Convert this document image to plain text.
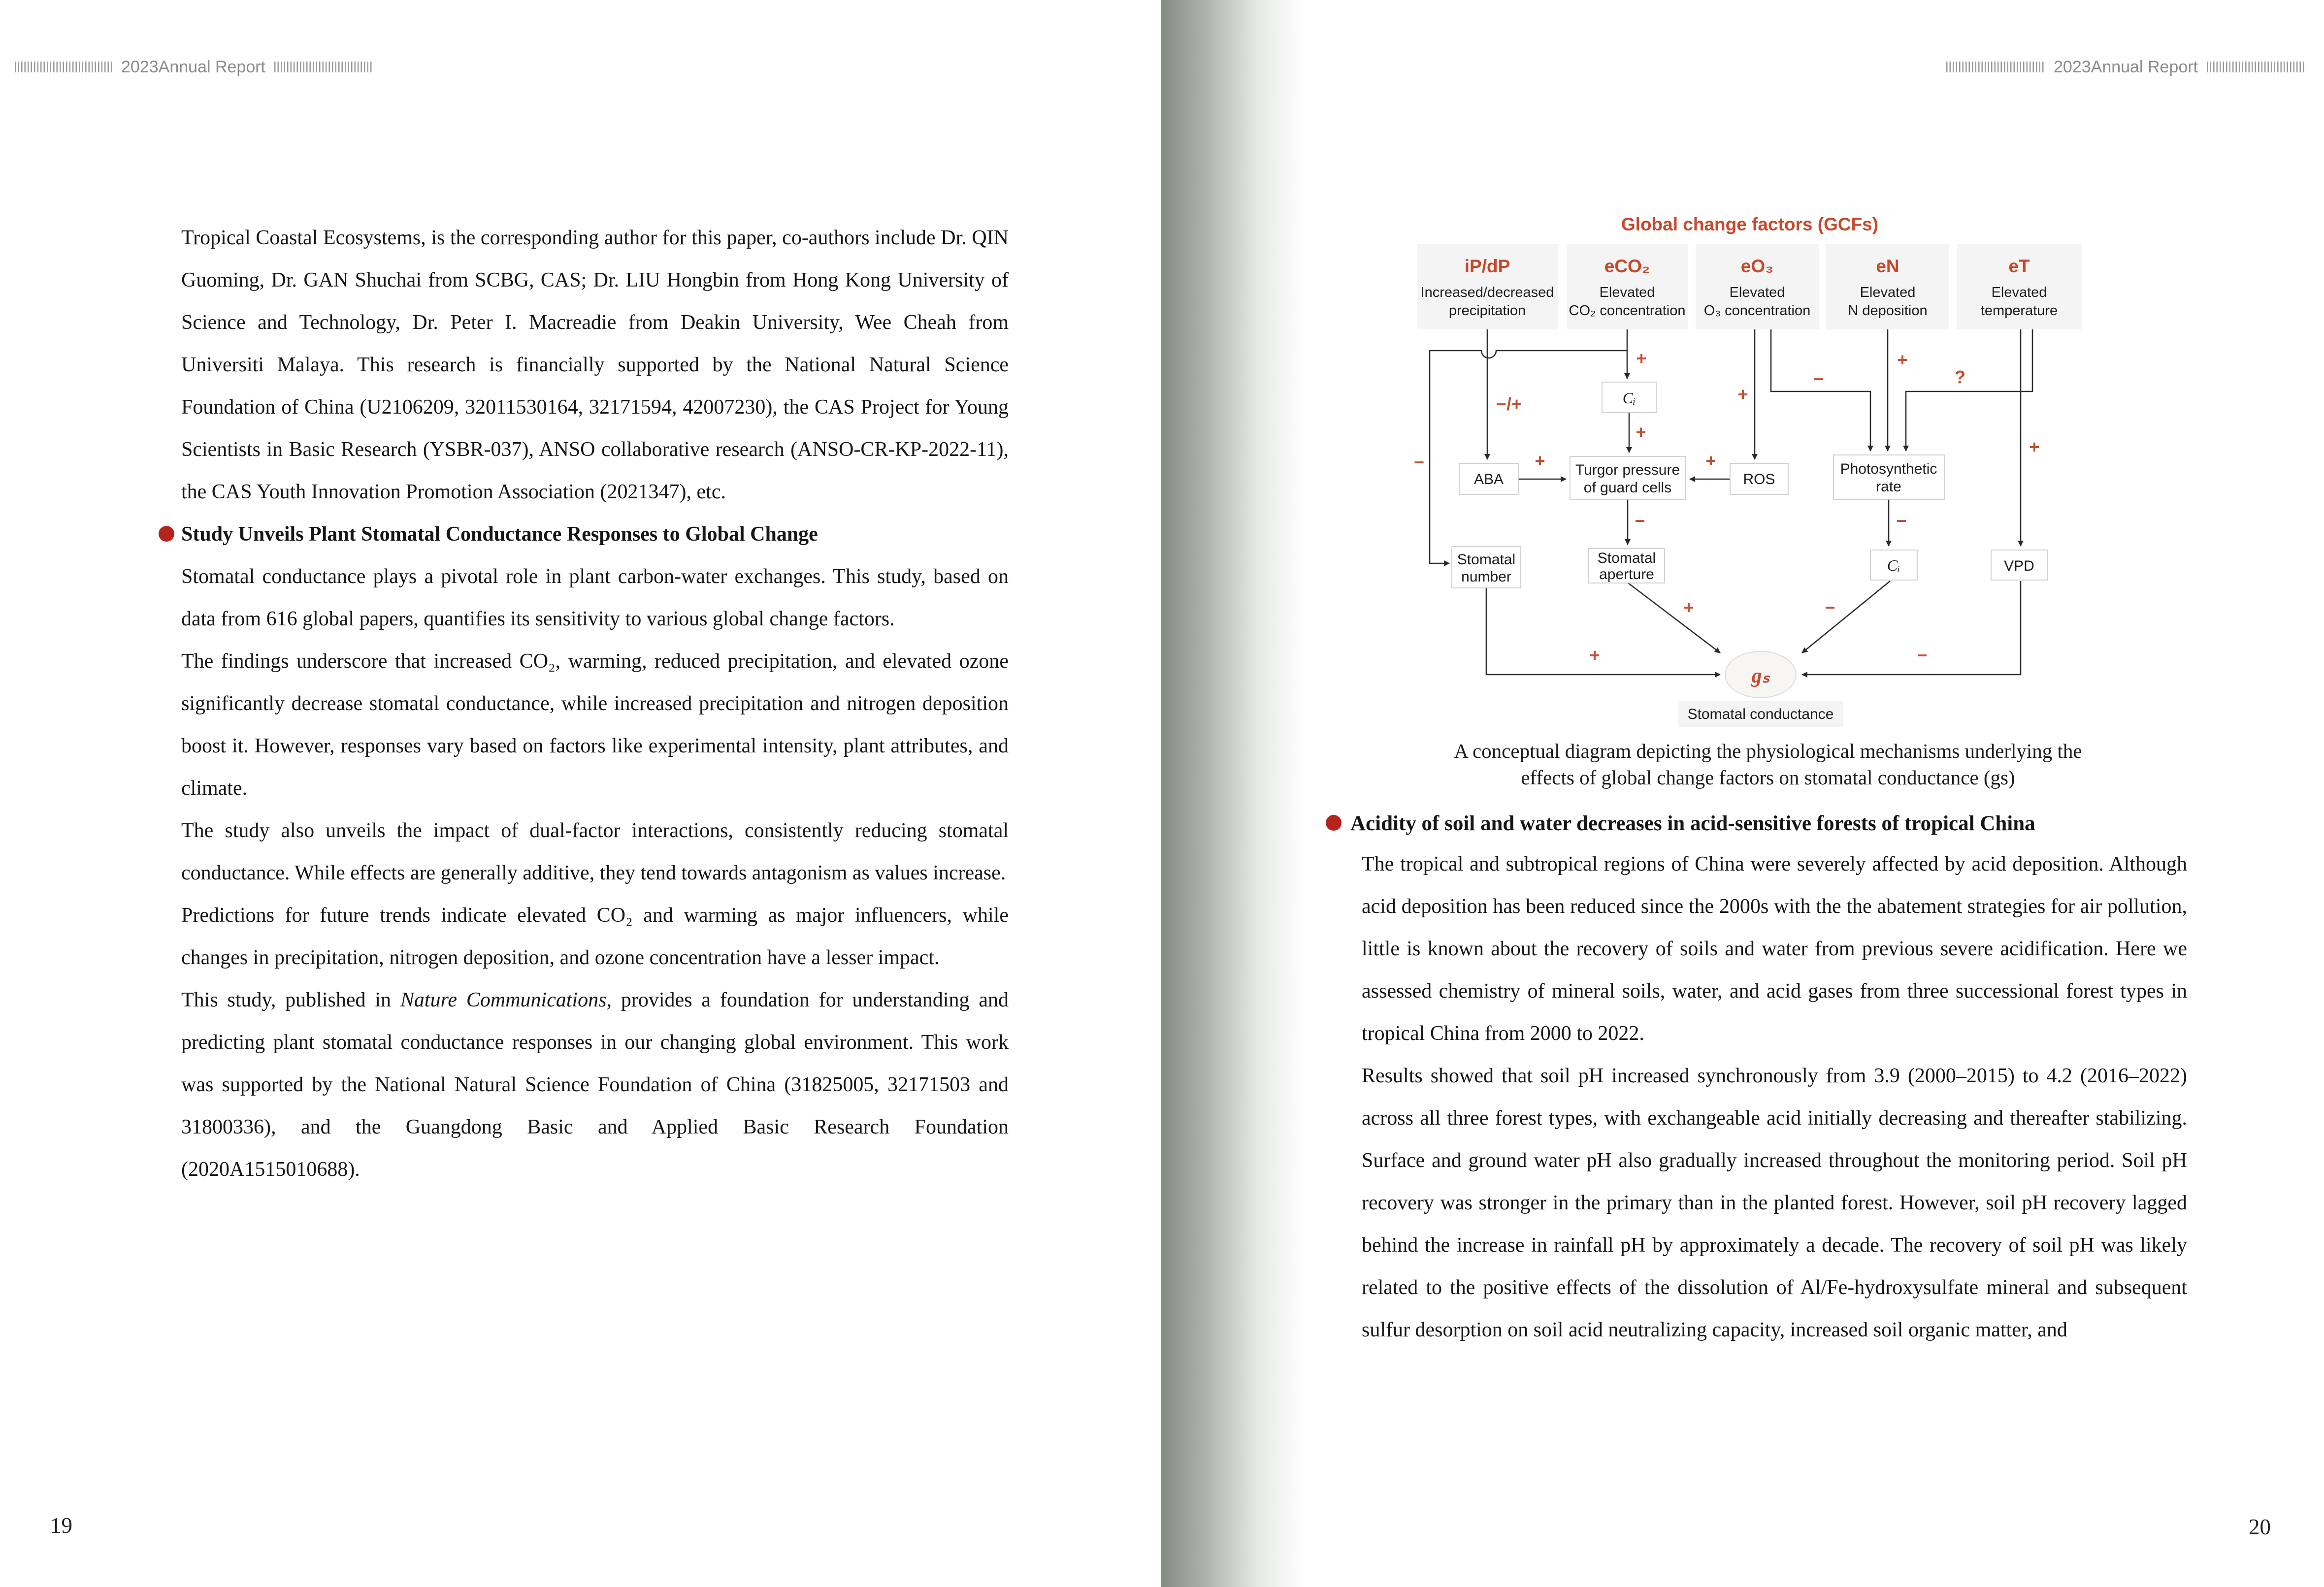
2023Annual Report	2023Annual Report

Tropical Coastal Ecosystems, is the corresponding author for this paper, co-authors include Dr. QIN Guoming, Dr. GAN Shuchai from SCBG, CAS; Dr. LIU Hongbin from Hong Kong University of Science and Technology, Dr. Peter I. Macreadie from Deakin University, Wee Cheah from Universiti Malaya. This research is financially supported by the National Natural Science Foundation of China (U2106209, 32011530164, 32171594, 42007230), the CAS Project for Young Scientists in Basic Research (YSBR-037), ANSO collaborative research (ANSO-CR-KP-2022-11), the CAS Youth Innovation Promotion Association (2021347), etc.

Study Unveils Plant Stomatal Conductance Responses to Global Change

Stomatal conductance plays a pivotal role in plant carbon-water exchanges. This study, based on data from 616 global papers, quantifies its sensitivity to various global change factors.

The findings underscore that increased CO₂, warming, reduced precipitation, and elevated ozone significantly decrease stomatal conductance, while increased precipitation and nitrogen deposition boost it. However, responses vary based on factors like experimental intensity, plant attributes, and climate.

The study also unveils the impact of dual-factor interactions, consistently reducing stomatal conductance. While effects are generally additive, they tend towards antagonism as values increase.

Predictions for future trends indicate elevated CO₂ and warming as major influencers, while changes in precipitation, nitrogen deposition, and ozone concentration have a lesser impact.

This study, published in Nature Communications, provides a foundation for understanding and predicting plant stomatal conductance responses in our changing global environment. This work was supported by the National Natural Science Foundation of China (31825005, 32171503 and 31800336), and the Guangdong Basic and Applied Basic Research Foundation (2020A1515010688).

Global change factors (GCFs)
iP/dP
Increased/decreased
precipitation
eCO₂
Elevated
CO₂ concentration
eO₃
Elevated
O₃ concentration
eN
Elevated
N deposition
eT
Elevated
temperature
+
−/+
−
+
+
−
+
?
+
+	+
−	−
+	−
+	−
Cᵢ
ABA
Turgor pressure
of guard cells
ROS
Photosynthetic
rate
Stomatal
number
Stomatal
aperture
Cᵢ	VPD
gₛ
Stomatal conductance
A conceptual diagram depicting the physiological mechanisms underlying the
effects of global change factors on stomatal conductance (gs)
Acidity of soil and water decreases in acid-sensitive forests of tropical China

The tropical and subtropical regions of China were severely affected by acid deposition. Although acid deposition has been reduced since the 2000s with the the abatement strategies for air pollution, little is known about the recovery of soils and water from previous severe acidification. Here we assessed chemistry of mineral soils, water, and acid gases from three successional forest types in tropical China from 2000 to 2022.

Results showed that soil pH increased synchronously from 3.9 (2000–2015) to 4.2 (2016–2022) across all three forest types, with exchangeable acid initially decreasing and thereafter stabilizing. Surface and ground water pH also gradually increased throughout the monitoring period. Soil pH recovery was stronger in the primary than in the planted forest. However, soil pH recovery lagged behind the increase in rainfall pH by approximately a decade. The recovery of soil pH was likely related to the positive effects of the dissolution of Al/Fe-hydroxysulfate mineral and subsequent sulfur desorption on soil acid neutralizing capacity, increased soil organic matter, and

19	20
